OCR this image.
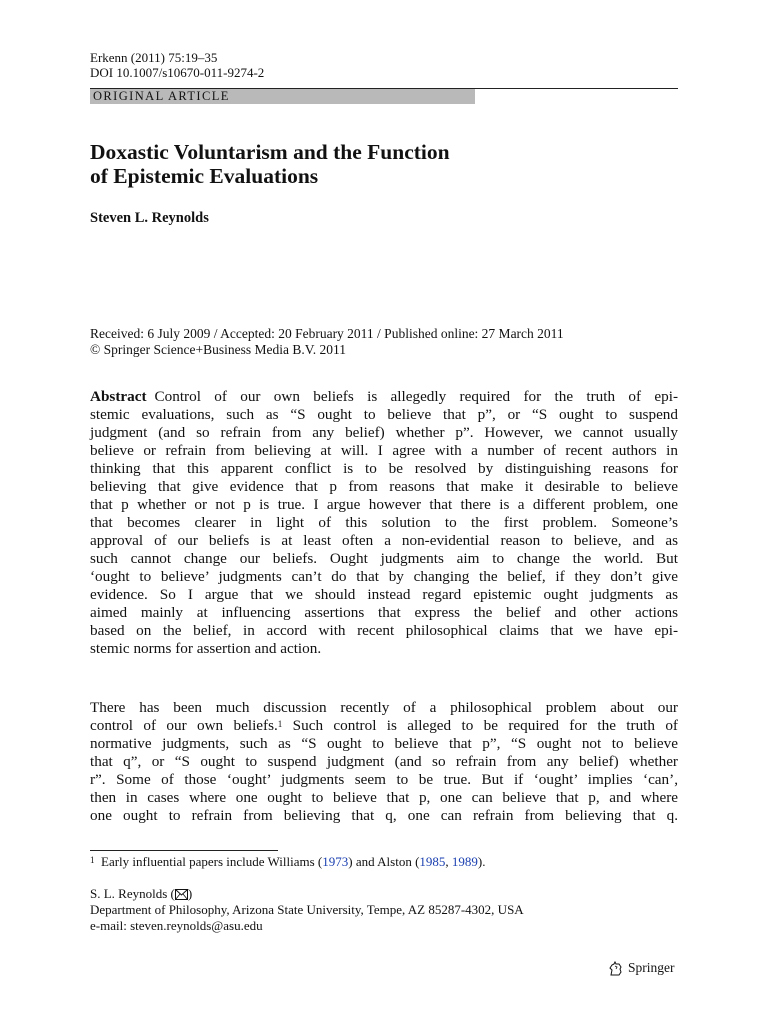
Erkenn (2011) 75:19–35
DOI 10.1007/s10670-011-9274-2
ORIGINAL ARTICLE
Doxastic Voluntarism and the Function
of Epistemic Evaluations
Steven L. Reynolds
Received: 6 July 2009 / Accepted: 20 February 2011 / Published online: 27 March 2011
© Springer Science+Business Media B.V. 2011
Abstract Control of our own beliefs is allegedly required for the truth of epi-
stemic evaluations, such as “S ought to believe that p”, or “S ought to suspend
judgment (and so refrain from any belief) whether p”. However, we cannot usually
believe or refrain from believing at will. I agree with a number of recent authors in
thinking that this apparent conflict is to be resolved by distinguishing reasons for
believing that give evidence that p from reasons that make it desirable to believe
that p whether or not p is true. I argue however that there is a different problem, one
that becomes clearer in light of this solution to the first problem. Someone’s
approval of our beliefs is at least often a non-evidential reason to believe, and as
such cannot change our beliefs. Ought judgments aim to change the world. But
‘ought to believe’ judgments can’t do that by changing the belief, if they don’t give
evidence. So I argue that we should instead regard epistemic ought judgments as
aimed mainly at influencing assertions that express the belief and other actions
based on the belief, in accord with recent philosophical claims that we have epi-
stemic norms for assertion and action.
There has been much discussion recently of a philosophical problem about our
control of our own beliefs.$^1$ Such control is alleged to be required for the truth of
normative judgments, such as “S ought to believe that p”, “S ought not to believe
that q”, or “S ought to suspend judgment (and so refrain from any belief) whether
r”. Some of those ‘ought’ judgments seem to be true. But if ‘ought’ implies ‘can’,
then in cases where one ought to believe that p, one can believe that p, and where
one ought to refrain from believing that q, one can refrain from believing that q.
$^1$ Early influential papers include Williams (1973) and Alston (1985, 1989).
S. L. Reynolds ( )
Department of Philosophy, Arizona State University, Tempe, AZ 85287-4302, USA
e-mail: steven.reynolds@asu.edu
Springer
